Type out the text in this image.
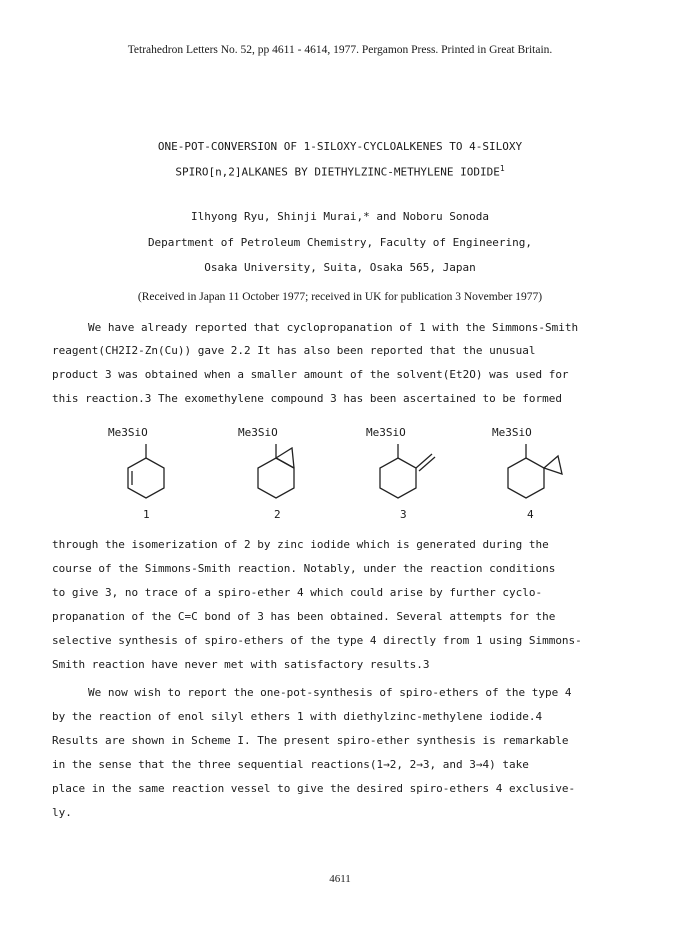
Tetrahedron Letters No. 52, pp 4611 - 4614, 1977. Pergamon Press. Printed in Great Britain.
ONE-POT-CONVERSION OF 1-SILOXY-CYCLOALKENES TO 4-SILOXY
SPIRO[n,2]ALKANES BY DIETHYLZINC-METHYLENE IODIDE$^1$
Ilhyong Ryu, Shinji Murai,* and Noboru Sonoda
Department of Petroleum Chemistry, Faculty of Engineering,
Osaka University, Suita, Osaka 565, Japan
(Received in Japan 11 October 1977; received in UK for publication 3 November 1977)
We have already reported that cyclopropanation of 1 with the Simmons-Smith
reagent(CH2I2-Zn(Cu)) gave 2.2 It has also been reported that the unusual
product 3 was obtained when a smaller amount of the solvent(Et2O) was used for
this reaction.3 The exomethylene compound 3 has been ascertained to be formed
Me3SiO	Me3SiO	Me3SiO	Me3SiO
1	2	3	4
through the isomerization of 2 by zinc iodide which is generated during the
course of the Simmons-Smith reaction. Notably, under the reaction conditions
to give 3, no trace of a spiro-ether 4 which could arise by further cyclo-
propanation of the C=C bond of 3 has been obtained. Several attempts for the
selective synthesis of spiro-ethers of the type 4 directly from 1 using Simmons-
Smith reaction have never met with satisfactory results.3
We now wish to report the one-pot-synthesis of spiro-ethers of the type 4
by the reaction of enol silyl ethers 1 with diethylzinc-methylene iodide.4
Results are shown in Scheme I. The present spiro-ether synthesis is remarkable
in the sense that the three sequential reactions(1→2, 2→3, and 3→4) take
place in the same reaction vessel to give the desired spiro-ethers 4 exclusive-
ly.
4611
